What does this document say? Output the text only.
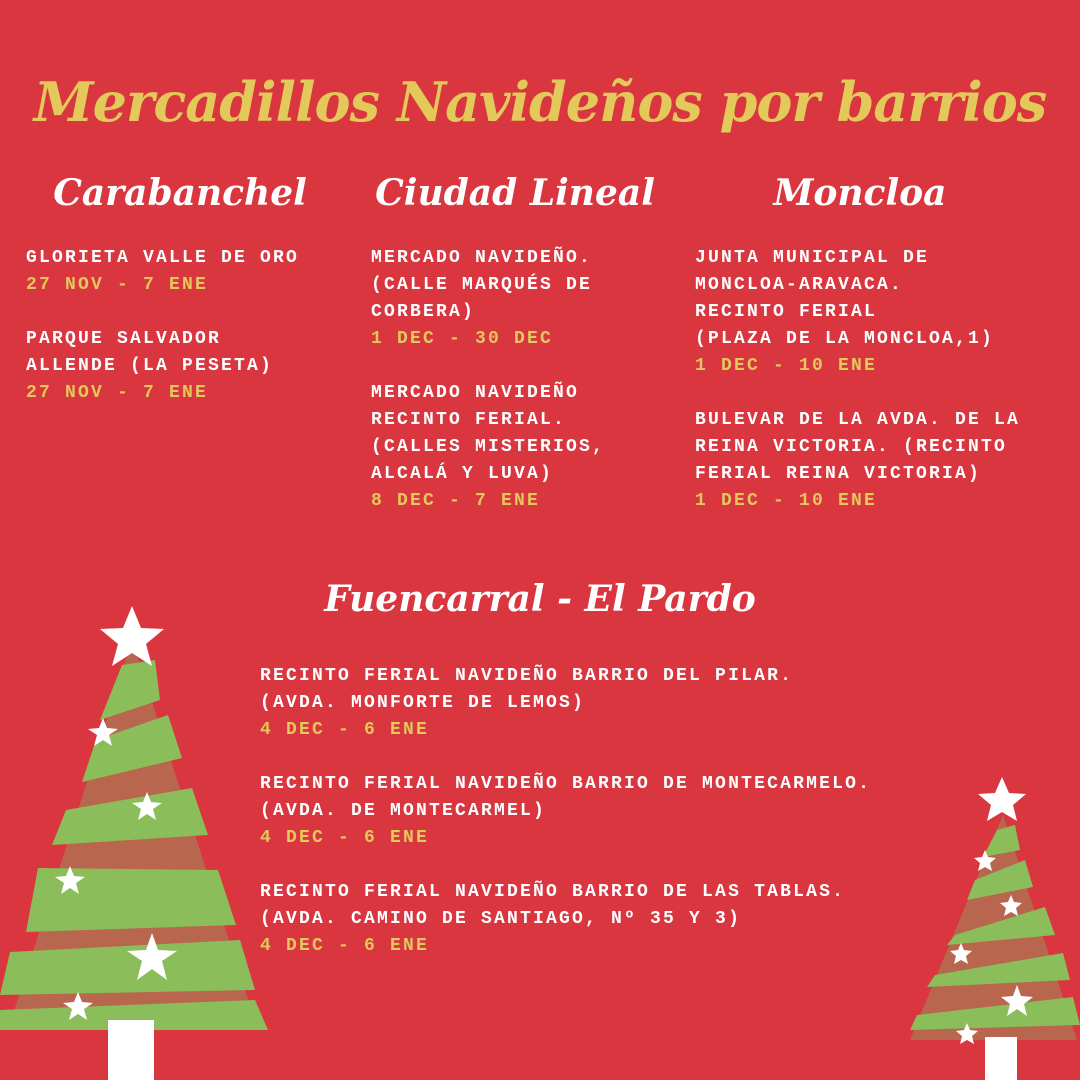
Mercadillos Navideños por barrios
Carabanchel	Ciudad Lineal	Moncloa
Fuencarral - El Pardo
GLORIETA VALLE DE ORO
27 NOV - 7 ENE
PARQUE SALVADOR
ALLENDE (LA PESETA)
27 NOV - 7 ENE
MERCADO NAVIDEÑO.
(CALLE MARQUÉS DE
CORBERA)
1 DEC - 30 DEC
MERCADO NAVIDEÑO
RECINTO FERIAL.
(CALLES MISTERIOS,
ALCALÁ Y LUVA)
8 DEC - 7 ENE
JUNTA MUNICIPAL DE
MONCLOA-ARAVACA.
RECINTO FERIAL
(PLAZA DE LA MONCLOA,1)
1 DEC - 10 ENE
BULEVAR DE LA AVDA. DE LA
REINA VICTORIA. (RECINTO
FERIAL REINA VICTORIA)
1 DEC - 10 ENE
RECINTO FERIAL NAVIDEÑO BARRIO DEL PILAR.
(AVDA. MONFORTE DE LEMOS)
4 DEC - 6 ENE
RECINTO FERIAL NAVIDEÑO BARRIO DE MONTECARMELO.
(AVDA. DE MONTECARMEL)
4 DEC - 6 ENE
RECINTO FERIAL NAVIDEÑO BARRIO DE LAS TABLAS.
(AVDA. CAMINO DE SANTIAGO, Nº 35 Y 3)
4 DEC - 6 ENE
